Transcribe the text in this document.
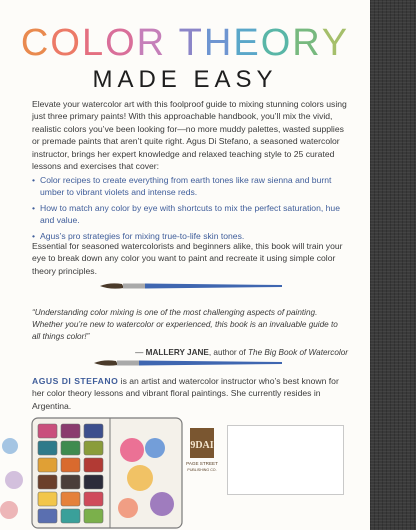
COLOR THEORY
MADE EASY
Elevate your watercolor art with this foolproof guide to mixing stunning colors using just three primary paints! With this approachable handbook, you’ll mix the vivid, realistic colors you’ve been looking for—no more muddy palettes, wasted supplies or premade paints that aren’t quite right. Agus Di Stefano, a seasoned watercolor instructor, brings her expert knowledge and relaxed teaching style to 25 curated lessons and exercises that cover:
• Color recipes to create everything from earth tones like raw sienna and burnt umber to vibrant violets and intense reds.
• How to match any color by eye with shortcuts to mix the perfect saturation, hue and value.
• Agus’s pro strategies for mixing true-to-life skin tones.
Essential for seasoned watercolorists and beginners alike, this book will train your eye to break down any color you want to paint and recreate it using simple color theory principles.
“Understanding color mixing is one of the most challenging aspects of painting. Whether you’re new to watercolor or experienced, this book is an invaluable guide to all things color!”
— MALLERY JANE, author of The Big Book of Watercolor
AGUS DI STEFANO is an artist and watercolor instructor who’s best known for her color theory lessons and vibrant floral paintings. She currently resides in Argentina.
9DAI
PAGE STREET
PUBLISHING CO.
